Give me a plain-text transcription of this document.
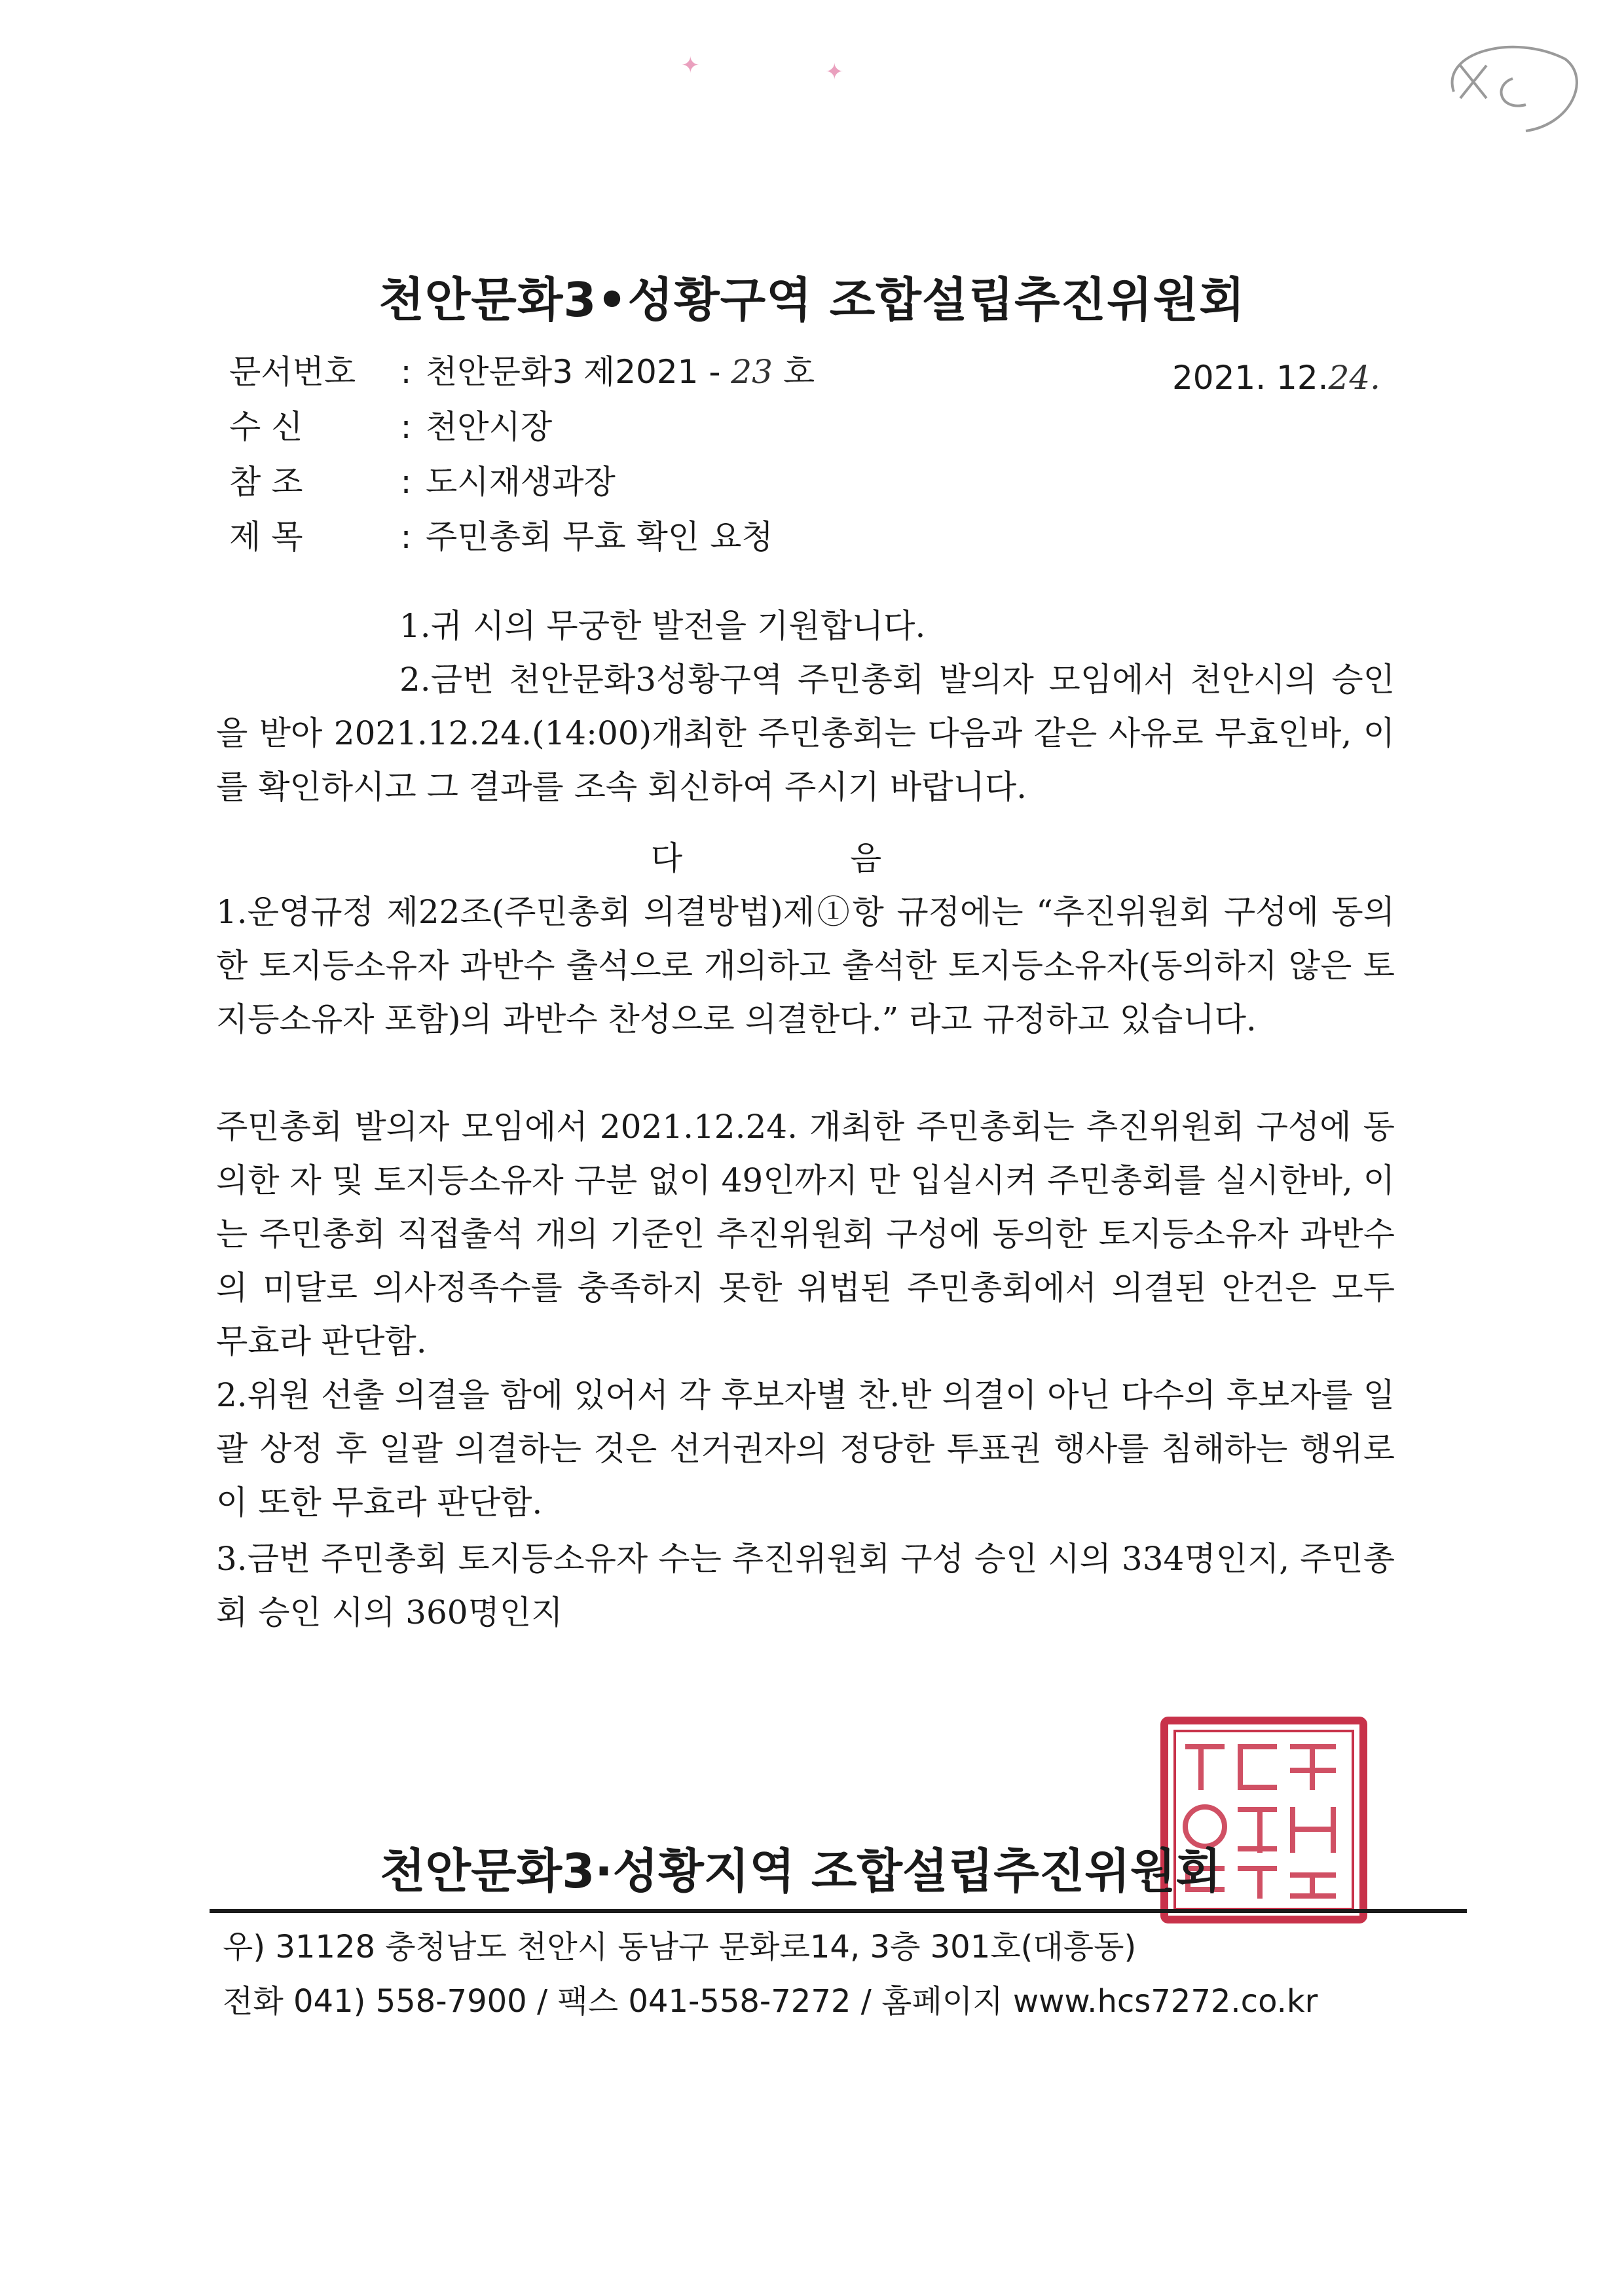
✦	✦
천안문화3•성황구역 조합설립추진위원회
문서번호	: 천안문화3 제2021 - 23 호	2021. 12.24.
수 신	: 천안시장
참 조	: 도시재생과장
제 목	: 주민총회 무효 확인 요청
1.귀 시의 무궁한 발전을 기원합니다.
2.금번 천안문화3성황구역 주민총회 발의자 모임에서 천안시의 승인을 받아 2021.12.24.(14:00)개최한 주민총회는 다음과 같은 사유로 무효인바, 이를 확인하시고 그 결과를 조속 회신하여 주시기 바랍니다.
다 음
1.운영규정 제22조(주민총회 의결방법)제①항 규정에는 “추진위원회 구성에 동의한 토지등소유자 과반수 출석으로 개의하고 출석한 토지등소유자(동의하지 않은 토지등소유자 포함)의 과반수 찬성으로 의결한다.” 라고 규정하고 있습니다.
주민총회 발의자 모임에서 2021.12.24. 개최한 주민총회는 추진위원회 구성에 동의한 자 및 토지등소유자 구분 없이 49인까지 만 입실시켜 주민총회를 실시한바, 이는 주민총회 직접출석 개의 기준인 추진위원회 구성에 동의한 토지등소유자 과반수의 미달로 의사정족수를 충족하지 못한 위법된 주민총회에서 의결된 안건은 모두 무효라 판단함.
2.위원 선출 의결을 함에 있어서 각 후보자별 찬.반 의결이 아닌 다수의 후보자를 일괄 상정 후 일괄 의결하는 것은 선거권자의 정당한 투표권 행사를 침해하는 행위로 이 또한 무효라 판단함.
3.금번 주민총회 토지등소유자 수는 추진위원회 구성 승인 시의 334명인지, 주민총회 승인 시의 360명인지
천안문화3·성황지역 조합설립추진위원회
우) 31128 충청남도 천안시 동남구 문화로14, 3층 301호(대흥동)
전화 041) 558-7900 / 팩스 041-558-7272 / 홈페이지 www.hcs7272.co.kr
